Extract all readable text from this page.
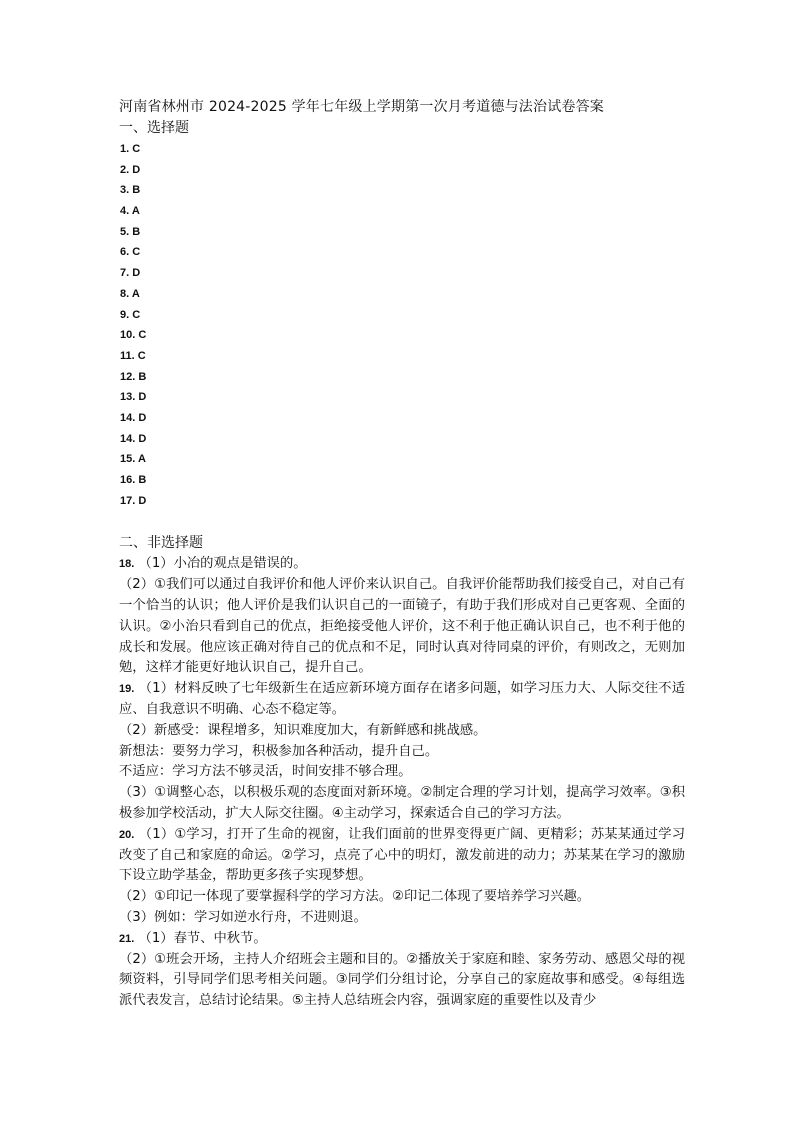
河南省林州市 2024-2025 学年七年级上学期第一次月考道德与法治试卷答案
一、选择题
1. C
2. D
3. B
4. A
5. B
6. C
7. D
8. A
9. C
10. C
11. C
12. B
13. D
14. D
14. D
15. A
16. B
17. D
二、非选择题

18. （1）小冶的观点是错误的。

（2）①我们可以通过自我评价和他人评价来认识自己。自我评价能帮助我们接受自己，对自己有一个恰当的认识；他人评价是我们认识自己的一面镜子，有助于我们形成对自己更客观、全面的认识。②小治只看到自己的优点，拒绝接受他人评价，这不利于他正确认识自己，也不利于他的成长和发展。他应该正确对待自己的优点和不足，同时认真对待同桌的评价，有则改之，无则加勉，这样才能更好地认识自己，提升自己。

19. （1）材料反映了七年级新生在适应新环境方面存在诸多问题，如学习压力大、人际交往不适应、自我意识不明确、心态不稳定等。

（2）新感受：课程增多，知识难度加大，有新鲜感和挑战感。

新想法：要努力学习，积极参加各种活动，提升自己。

不适应：学习方法不够灵活，时间安排不够合理。

（3）①调整心态，以积极乐观的态度面对新环境。②制定合理的学习计划，提高学习效率。③积极参加学校活动，扩大人际交往圈。④主动学习，探索适合自己的学习方法。

20. （1）①学习，打开了生命的视窗，让我们面前的世界变得更广阔、更精彩；苏某某通过学习改变了自己和家庭的命运。②学习，点亮了心中的明灯，激发前进的动力；苏某某在学习的激励下设立助学基金，帮助更多孩子实现梦想。

（2）①印记一体现了要掌握科学的学习方法。②印记二体现了要培养学习兴趣。

（3）例如：学习如逆水行舟，不进则退。

21. （1）春节、中秋节。

（2）①班会开场，主持人介绍班会主题和目的。②播放关于家庭和睦、家务劳动、感恩父母的视频资料，引导同学们思考相关问题。③同学们分组讨论，分享自己的家庭故事和感受。④每组选派代表发言，总结讨论结果。⑤主持人总结班会内容，强调家庭的重要性以及青少
